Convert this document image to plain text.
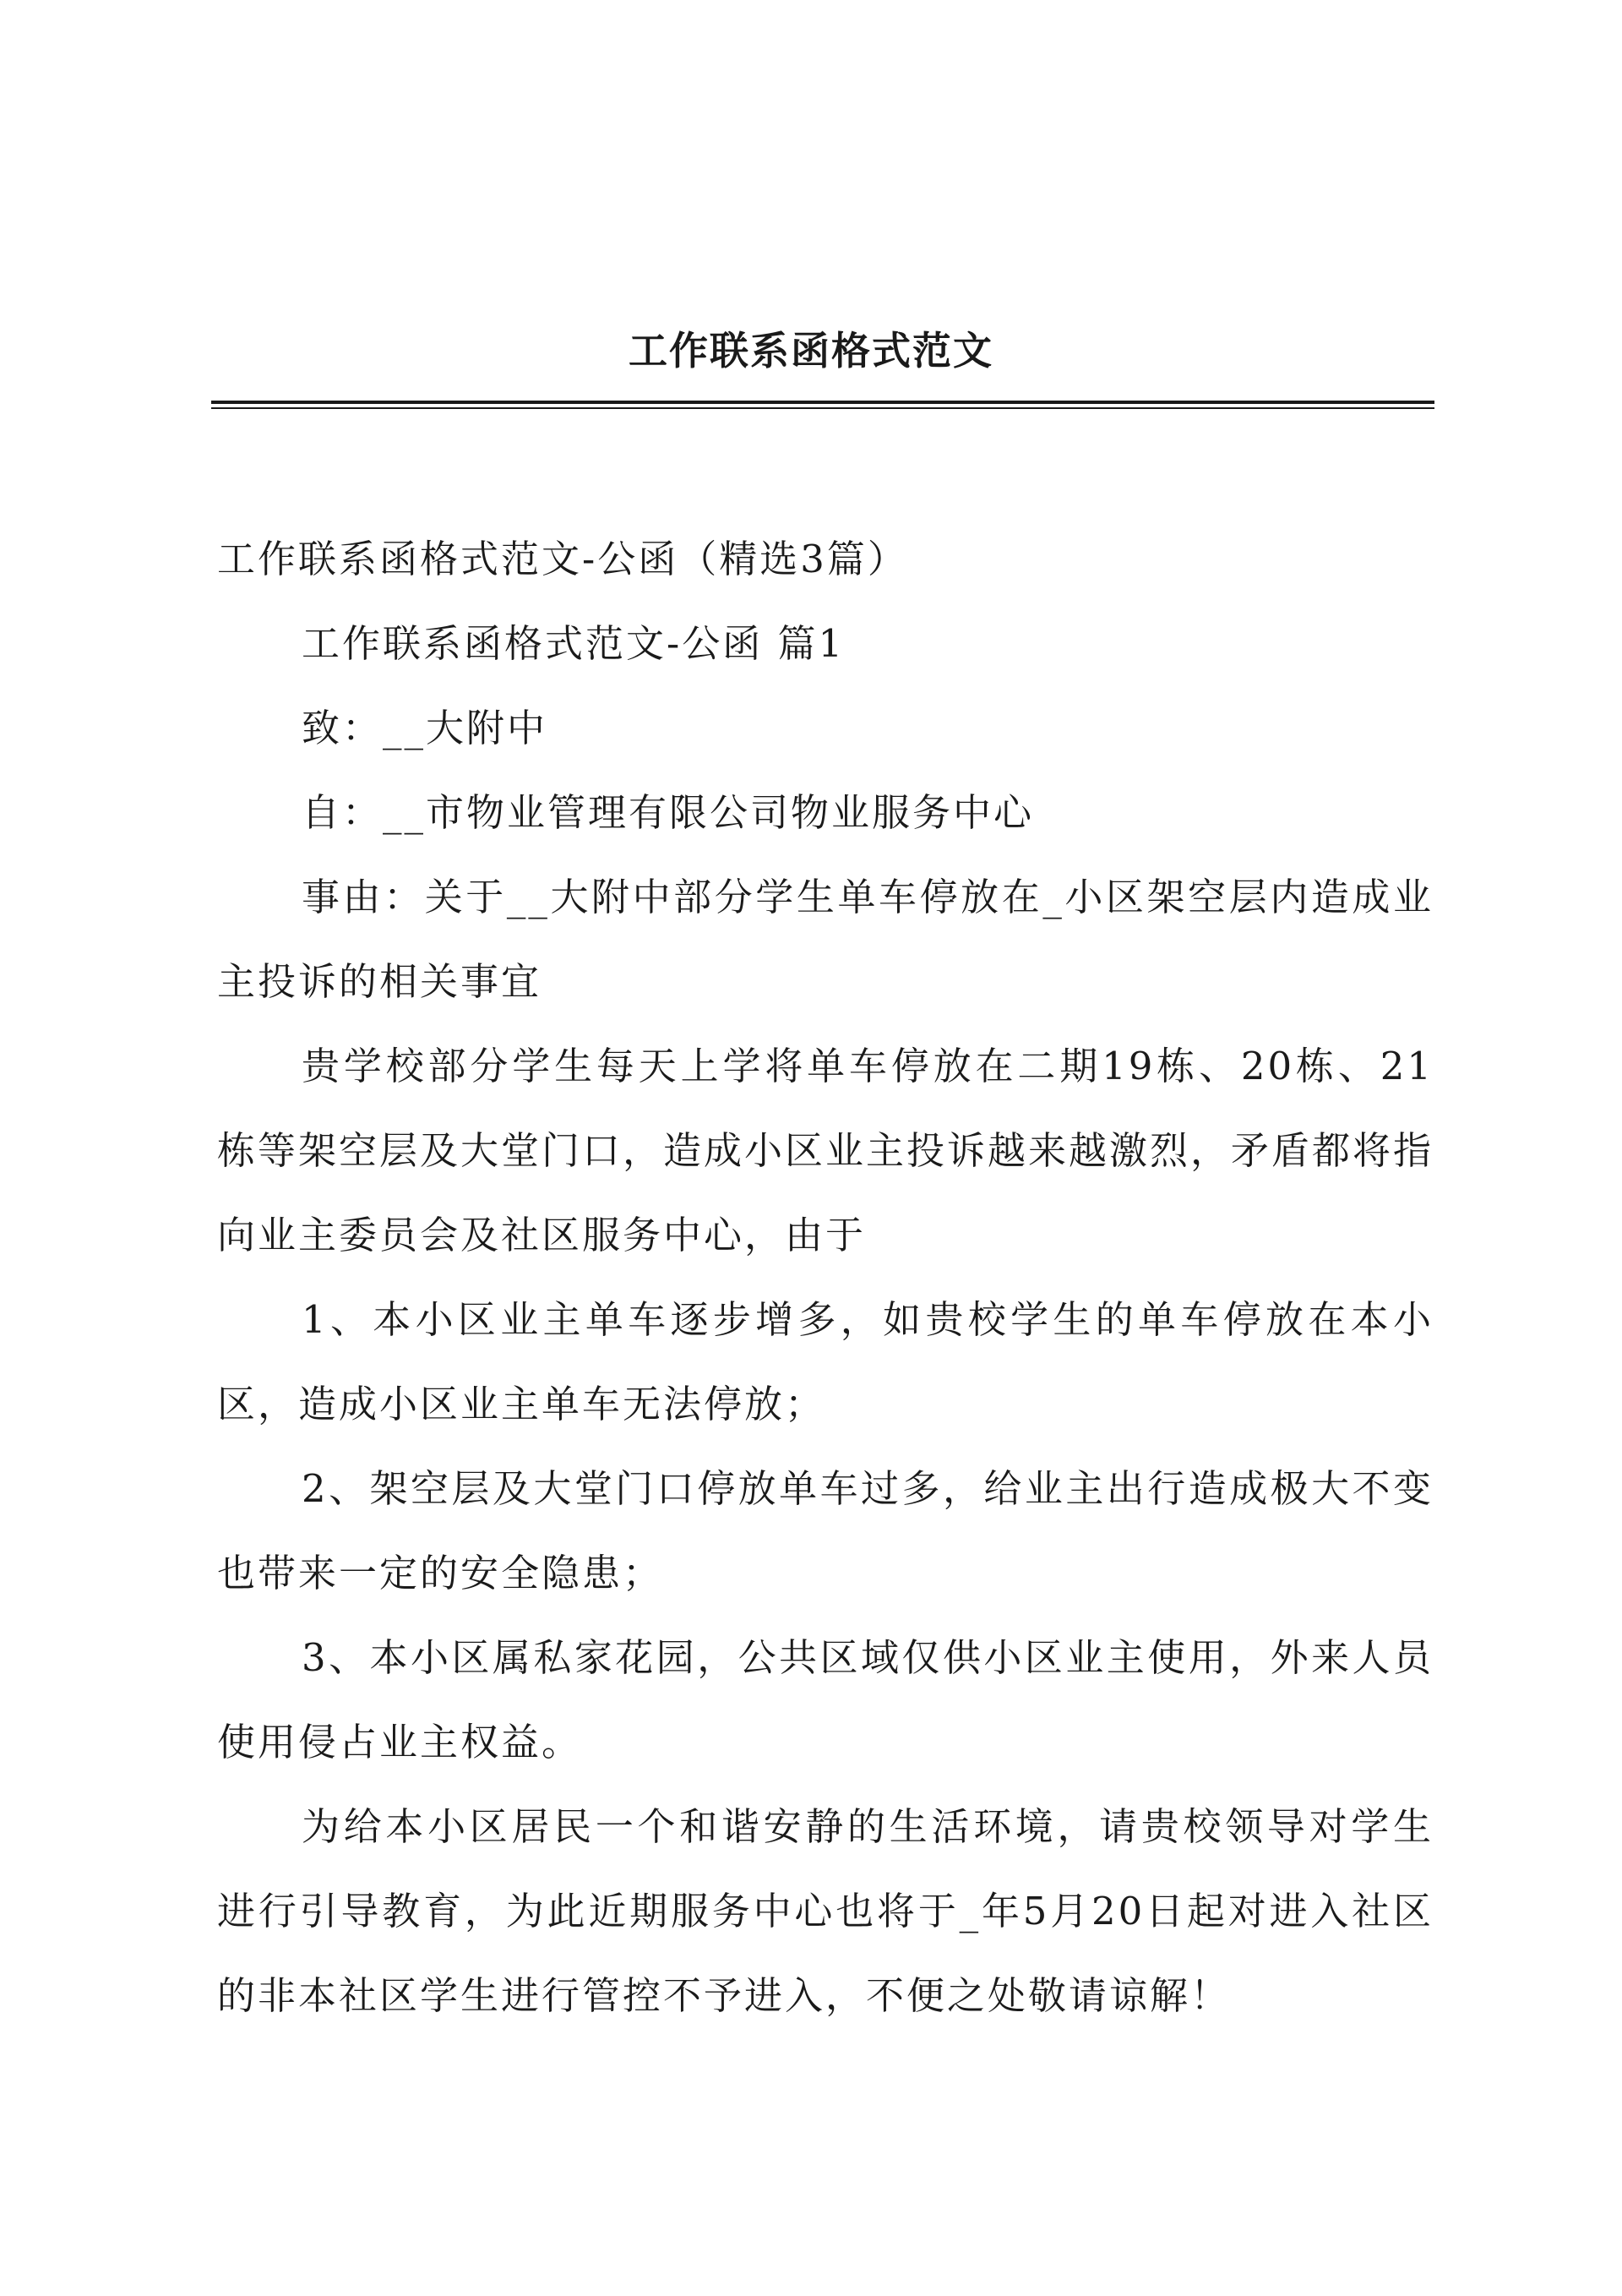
工作联系函格式范文

工作联系函格式范文-公函（精选3篇）

工作联系函格式范文-公函 篇1

致：__大附中

自：__市物业管理有限公司物业服务中心

事由：关于__大附中部分学生单车停放在_小区架空层内造成业主投诉的相关事宜

贵学校部分学生每天上学将单车停放在二期19栋、20栋、21栋等架空层及大堂门口，造成小区业主投诉越来越激烈，矛盾都将指向业主委员会及社区服务中心，由于

1、本小区业主单车逐步增多，如贵校学生的单车停放在本小区，造成小区业主单车无法停放；

2、架空层及大堂门口停放单车过多，给业主出行造成极大不变也带来一定的安全隐患；

3、本小区属私家花园，公共区域仅供小区业主使用，外来人员使用侵占业主权益。

为给本小区居民一个和谐安静的生活环境，请贵校领导对学生进行引导教育，为此近期服务中心也将于_年5月20日起对进入社区的非本社区学生进行管控不予进入，不便之处敬请谅解！
